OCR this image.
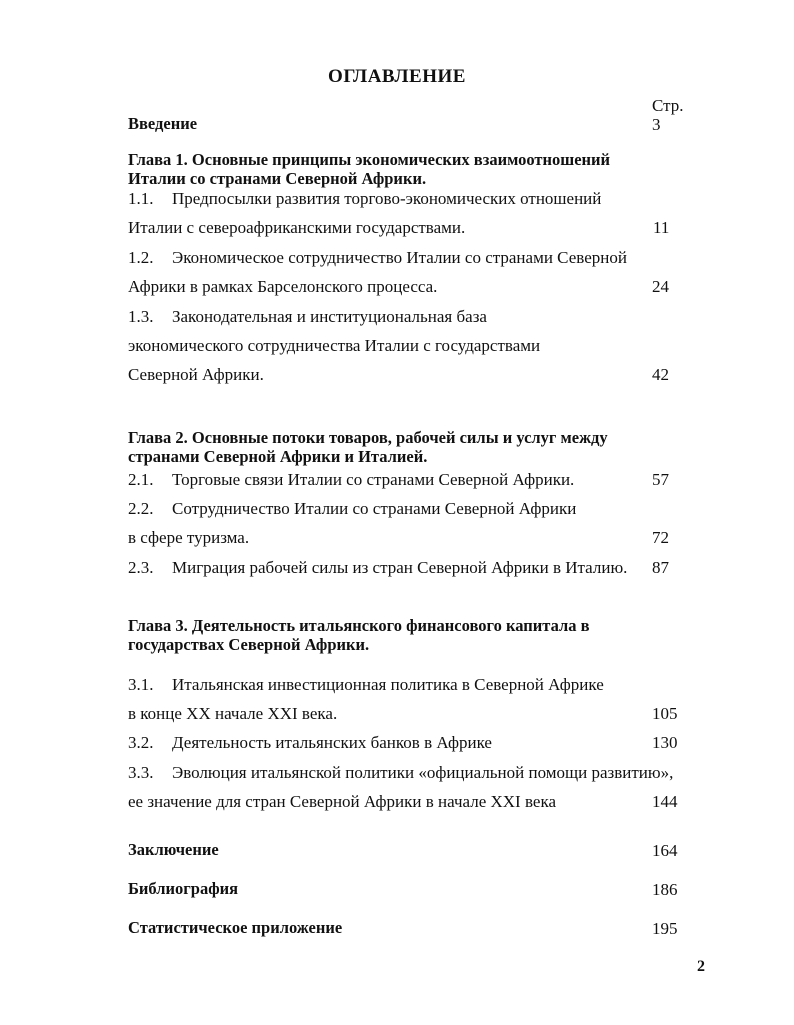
ОГЛАВЛЕНИЕ
Стр.
Введение	3
Глава 1. Основные принципы экономических взаимоотношений
Италии со странами Северной Африки.
1.1. Предпосылки развития торгово-экономических отношений
Италии с североафриканскими государствами.	11
1.2. Экономическое сотрудничество Италии со странами Северной
Африки в рамках Барселонского процесса.	24
1.3. Законодательная и институциональная база
экономического сотрудничества Италии с государствами
Северной Африки.	42
Глава 2. Основные потоки товаров, рабочей силы и услуг между
странами Северной Африки и Италией.
2.1. Торговые связи Италии со странами Северной Африки.	57
2.2. Сотрудничество Италии со странами Северной Африки
в сфере туризма.	72
2.3. Миграция рабочей силы из стран Северной Африки в Италию. 87
Глава 3. Деятельность итальянского финансового капитала в
государствах Северной Африки.
3.1. Итальянская инвестиционная политика в Северной Африке
в конце XX начале XXI века.	105
3.2. Деятельность итальянских банков в Африке	130
3.3. Эволюция итальянской политики «официальной помощи развитию»,
ее значение для стран Северной Африки в начале XXI века	144
Заключение	164
Библиография	186
Статистическое приложение	195
2
